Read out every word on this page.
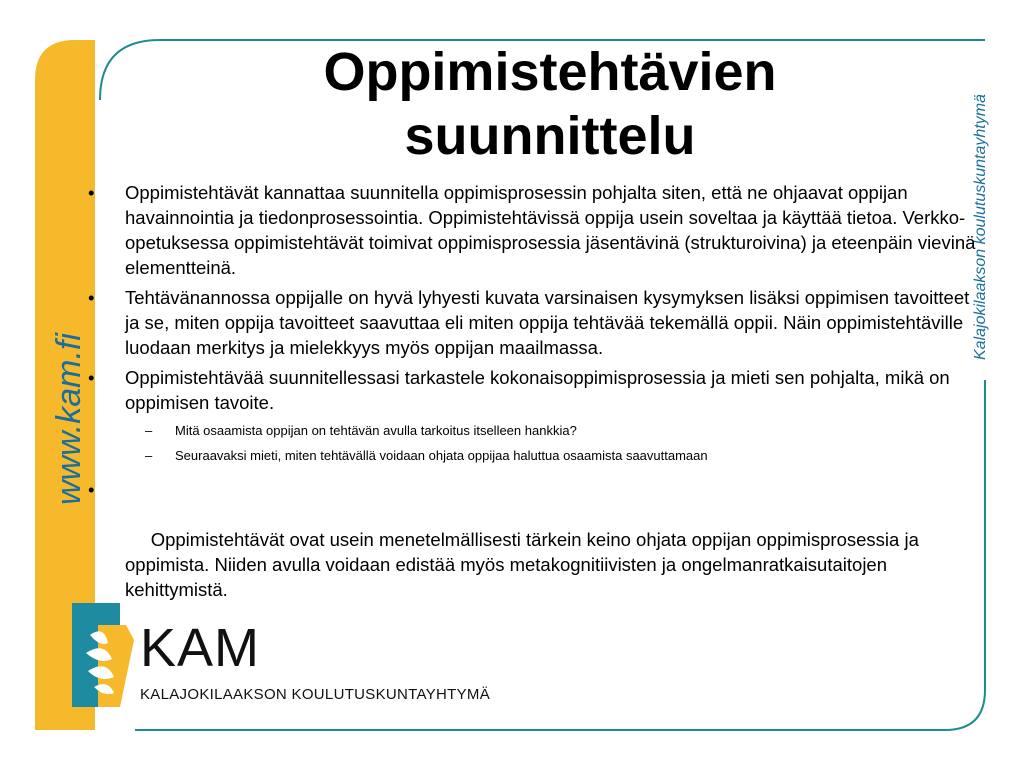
Oppimistehtävien
suunnittelu	Kalajokilaakson koulutuskuntayhtymä
www.kam.fi
• Oppimistehtävät kannattaa suunnitella oppimisprosessin pohjalta siten, että ne ohjaavat oppijan havainnointia ja tiedonprosessointia. Oppimistehtävissä oppija usein soveltaa ja käyttää tietoa. Verkko-opetuksessa oppimistehtävät toimivat oppimisprosessia jäsentävinä (strukturoivina) ja eteenpäin vievinä elementteinä.
• Tehtävänannossa oppijalle on hyvä lyhyesti kuvata varsinaisen kysymyksen lisäksi oppimisen tavoitteet ja se, miten oppija tavoitteet saavuttaa eli miten oppija tehtävää tekemällä oppii. Näin oppimistehtäville luodaan merkitys ja mielekkyys myös oppijan maailmassa.
• Oppimistehtävää suunnitellessasi tarkastele kokonaisoppimisprosessia ja mieti sen pohjalta, mikä on oppimisen tavoite.
– Mitä osaamista oppijan on tehtävän avulla tarkoitus itselleen hankkia?
– Seuraavaksi mieti, miten tehtävällä voidaan ohjata oppijaa haluttua osaamista saavuttamaan

•

Oppimistehtävät ovat usein menetelmällisesti tärkein keino ohjata oppijan oppimisprosessia ja oppimista. Niiden avulla voidaan edistää myös metakognitiivisten ja ongelmanratkaisutaitojen kehittymistä.

KAM
KALAJOKILAAKSON KOULUTUSKUNTAYHTYMÄ
